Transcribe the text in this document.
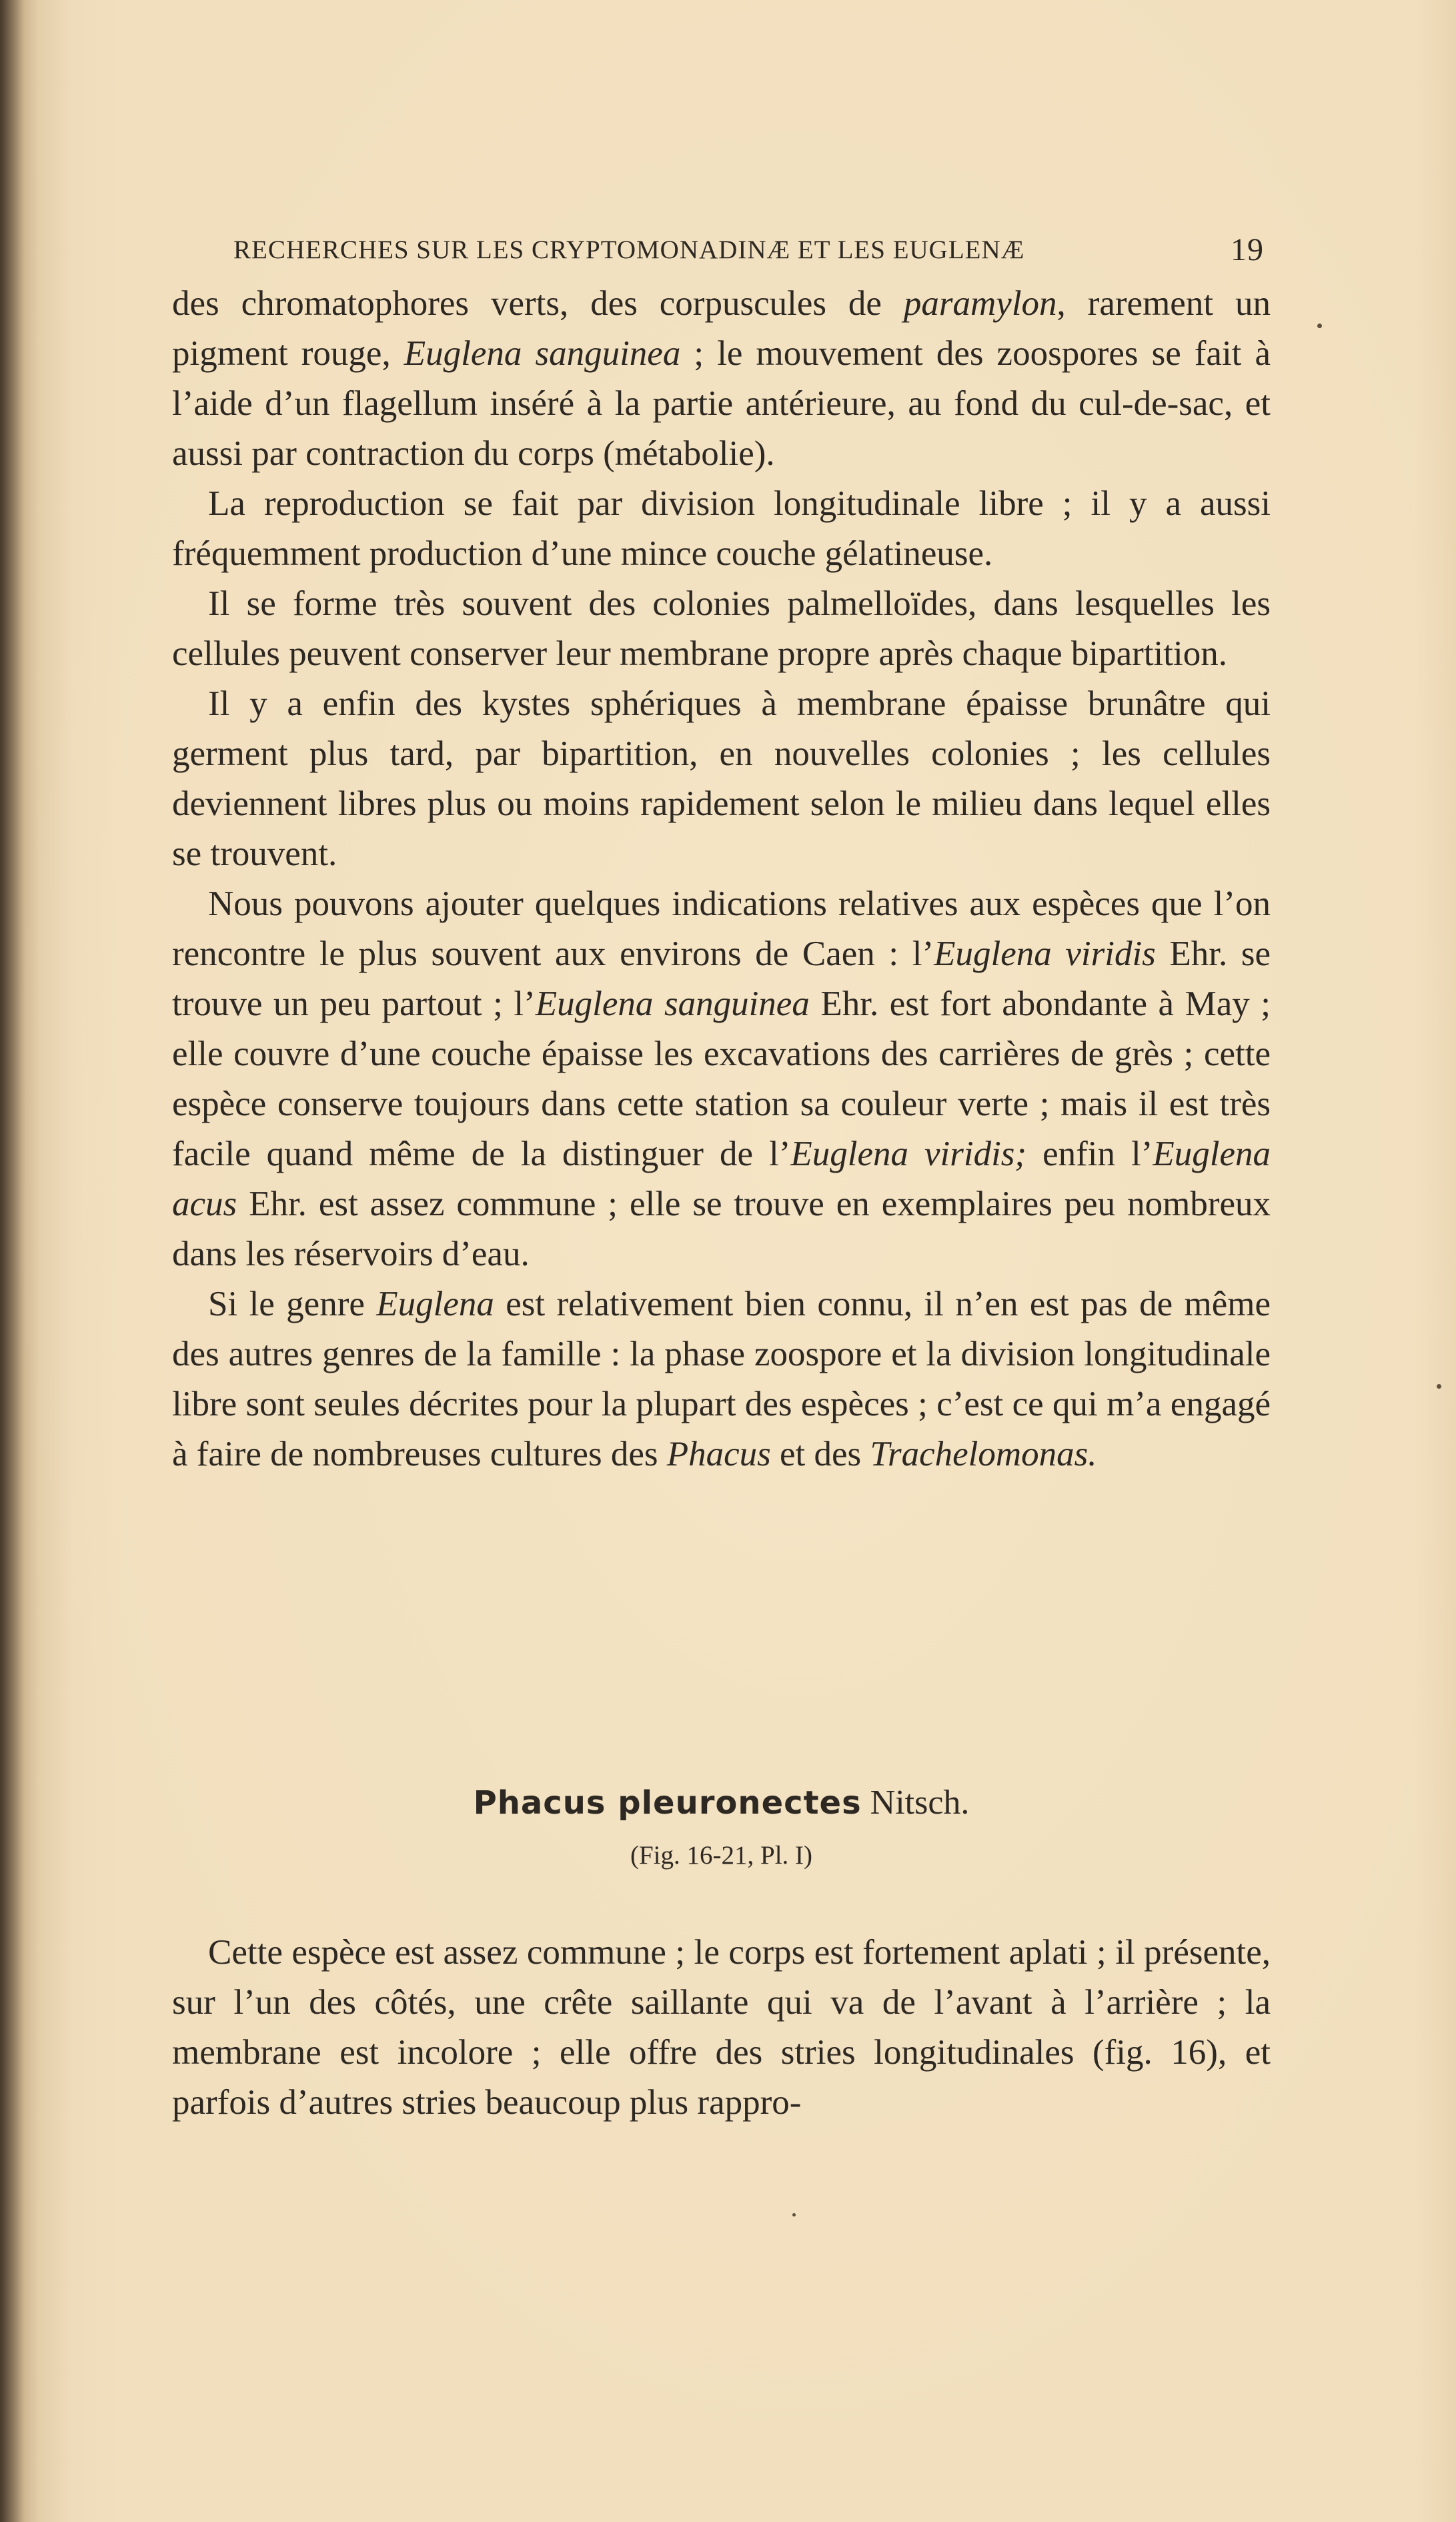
RECHERCHES SUR LES CRYPTOMONADINÆ ET LES EUGLENÆ	19

des chromatophores verts, des corpuscules de paramylon, rarement un pigment rouge, Euglena sanguinea ; le mouvement des zoospores se fait à l’aide d’un flagellum inséré à la partie antérieure, au fond du cul-de-sac, et aussi par contraction du corps (métabolie).

La reproduction se fait par division longitudinale libre ; il y a aussi fréquemment production d’une mince couche gélatineuse.

Il se forme très souvent des colonies palmelloïdes, dans lesquelles les cellules peuvent conserver leur membrane propre après chaque bipartition.

Il y a enfin des kystes sphériques à membrane épaisse brunâtre qui germent plus tard, par bipartition, en nouvelles colonies ; les cellules deviennent libres plus ou moins rapidement selon le milieu dans lequel elles se trouvent.

Nous pouvons ajouter quelques indications relatives aux espèces que l’on rencontre le plus souvent aux environs de Caen : l’Euglena viridis Ehr. se trouve un peu partout ; l’Euglena sanguinea Ehr. est fort abondante à May ; elle couvre d’une couche épaisse les excavations des carrières de grès ; cette espèce conserve toujours dans cette station sa couleur verte ; mais il est très facile quand même de la distinguer de l’Euglena viridis; enfin l’Euglena acus Ehr. est assez commune ; elle se trouve en exemplaires peu nombreux dans les réservoirs d’eau.

Si le genre Euglena est relativement bien connu, il n’en est pas de même des autres genres de la famille : la phase zoospore et la division longitudinale libre sont seules décrites pour la plupart des espèces ; c’est ce qui m’a engagé à faire de nombreuses cultures des Phacus et des Trachelomonas.

Phacus pleuronectes Nitsch.
(Fig. 16-21, Pl. I)

Cette espèce est assez commune ; le corps est fortement aplati ; il présente, sur l’un des côtés, une crête saillante qui va de l’avant à l’arrière ; la membrane est incolore ; elle offre des stries longitudinales (fig. 16), et parfois d’autres stries beaucoup plus rappro-
